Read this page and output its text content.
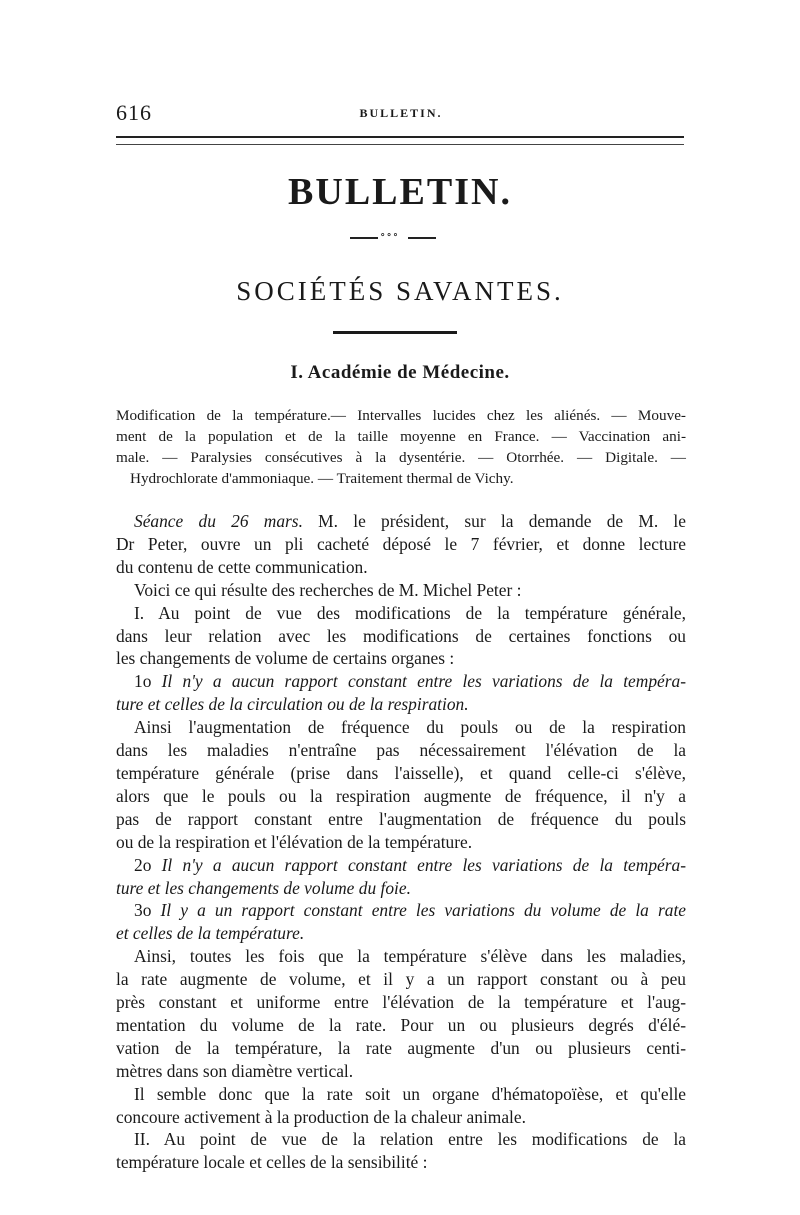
616	BULLETIN.
BULLETIN.
∘∘∘
SOCIÉTÉS SAVANTES.
I. Académie de Médecine.
Modification de la température.— Intervalles lucides chez les aliénés. — Mouve-
ment de la population et de la taille moyenne en France. — Vaccination ani-
male. — Paralysies consécutives à la dysentérie. — Otorrhée. — Digitale. —
Hydrochlorate d'ammoniaque. — Traitement thermal de Vichy.
Séance du 26 mars. M. le président, sur la demande de M. le
Dr Peter, ouvre un pli cacheté déposé le 7 février, et donne lecture
du contenu de cette communication.
Voici ce qui résulte des recherches de M. Michel Peter :
I. Au point de vue des modifications de la température générale,
dans leur relation avec les modifications de certaines fonctions ou
les changements de volume de certains organes :
1o Il n'y a aucun rapport constant entre les variations de la tempéra-
ture et celles de la circulation ou de la respiration.
Ainsi l'augmentation de fréquence du pouls ou de la respiration
dans les maladies n'entraîne pas nécessairement l'élévation de la
température générale (prise dans l'aisselle), et quand celle-ci s'élève,
alors que le pouls ou la respiration augmente de fréquence, il n'y a
pas de rapport constant entre l'augmentation de fréquence du pouls
ou de la respiration et l'élévation de la température.
2o Il n'y a aucun rapport constant entre les variations de la tempéra-
ture et les changements de volume du foie.
3o Il y a un rapport constant entre les variations du volume de la rate
et celles de la température.
Ainsi, toutes les fois que la température s'élève dans les maladies,
la rate augmente de volume, et il y a un rapport constant ou à peu
près constant et uniforme entre l'élévation de la température et l'aug-
mentation du volume de la rate. Pour un ou plusieurs degrés d'élé-
vation de la température, la rate augmente d'un ou plusieurs centi-
mètres dans son diamètre vertical.
Il semble donc que la rate soit un organe d'hématopoïèse, et qu'elle
concoure activement à la production de la chaleur animale.
II. Au point de vue de la relation entre les modifications de la
température locale et celles de la sensibilité :
